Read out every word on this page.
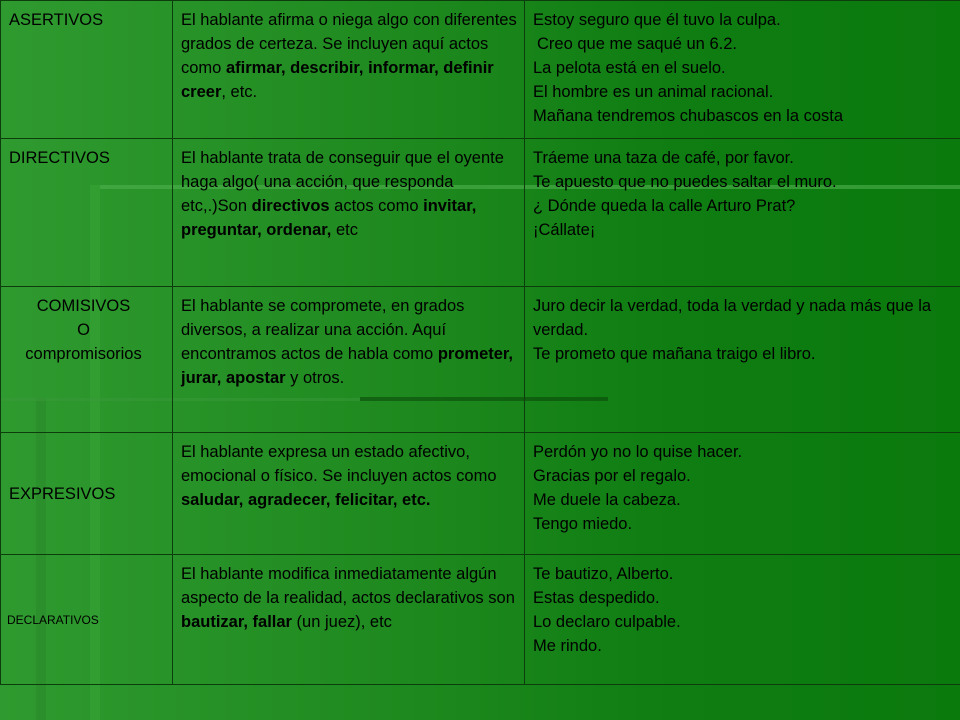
ASERTIVOS	El hablante afirma o niega algo con diferentes grados de certeza. Se incluyen aquí actos como afirmar, describir, informar, definir creer, etc.	Estoy seguro que él tuvo la culpa.
Creo que me saqué un 6.2.
La pelota está en el suelo.
El hombre es un animal racional.
Mañana tendremos chubascos en la costa

DIRECTIVOS	El hablante trata de conseguir que el oyente haga algo( una acción, que responda etc,.)Son directivos actos como invitar, preguntar, ordenar, etc	Tráeme una taza de café, por favor.
Te apuesto que no puedes saltar el muro.
¿ Dónde queda la calle Arturo Prat?
¡Cállate¡

COMISIVOS
O
compromisorios	El hablante se compromete, en grados diversos, a realizar una acción. Aquí encontramos actos de habla como prometer, jurar, apostar y otros.	Juro decir la verdad, toda la verdad y nada más que la verdad.
Te prometo que mañana traigo el libro.

EXPRESIVOS	El hablante expresa un estado afectivo, emocional o físico. Se incluyen actos como saludar, agradecer, felicitar, etc.	Perdón yo no lo quise hacer.
Gracias por el regalo.
Me duele la cabeza.
Tengo miedo.

DECLARATIVOS	El hablante modifica inmediatamente algún aspecto de la realidad, actos declarativos son bautizar, fallar (un juez), etc	Te bautizo, Alberto.
Estas despedido.
Lo declaro culpable.
Me rindo.
